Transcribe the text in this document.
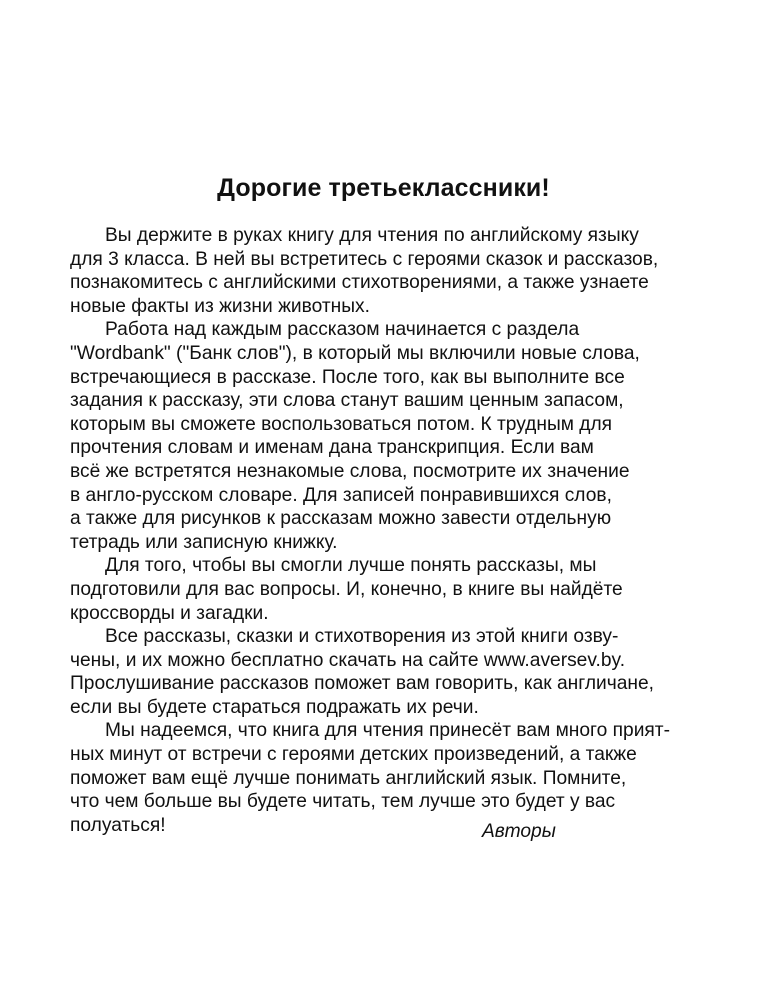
Дорогие третьеклассники!
Вы держите в руках книгу для чтения по английскому языку
для 3 класса. В ней вы встретитесь с героями сказок и рассказов,
познакомитесь с английскими стихотворениями, а также узнаете
новые факты из жизни животных.
Работа над каждым рассказом начинается с раздела
"Wordbank" ("Банк слов"), в который мы включили новые слова,
встречающиеся в рассказе. После того, как вы выполните все
задания к рассказу, эти слова станут вашим ценным запасом,
которым вы сможете воспользоваться потом. К трудным для
прочтения словам и именам дана транскрипция. Если вам
всё же встретятся незнакомые слова, посмотрите их значение
в англо-русском словаре. Для записей понравившихся слов,
а также для рисунков к рассказам можно завести отдельную
тетрадь или записную книжку.
Для того, чтобы вы смогли лучше понять рассказы, мы
подготовили для вас вопросы. И, конечно, в книге вы найдёте
кроссворды и загадки.
Все рассказы, сказки и стихотворения из этой книги озву-
чены, и их можно бесплатно скачать на сайте www.aversev.by.
Прослушивание рассказов поможет вам говорить, как англичане,
если вы будете стараться подражать их речи.
Мы надеемся, что книга для чтения принесёт вам много прият-
ных минут от встречи с героями детских произведений, а также
поможет вам ещё лучше понимать английский язык. Помните,
что чем больше вы будете читать, тем лучше это будет у вас
полуаться!	Авторы
